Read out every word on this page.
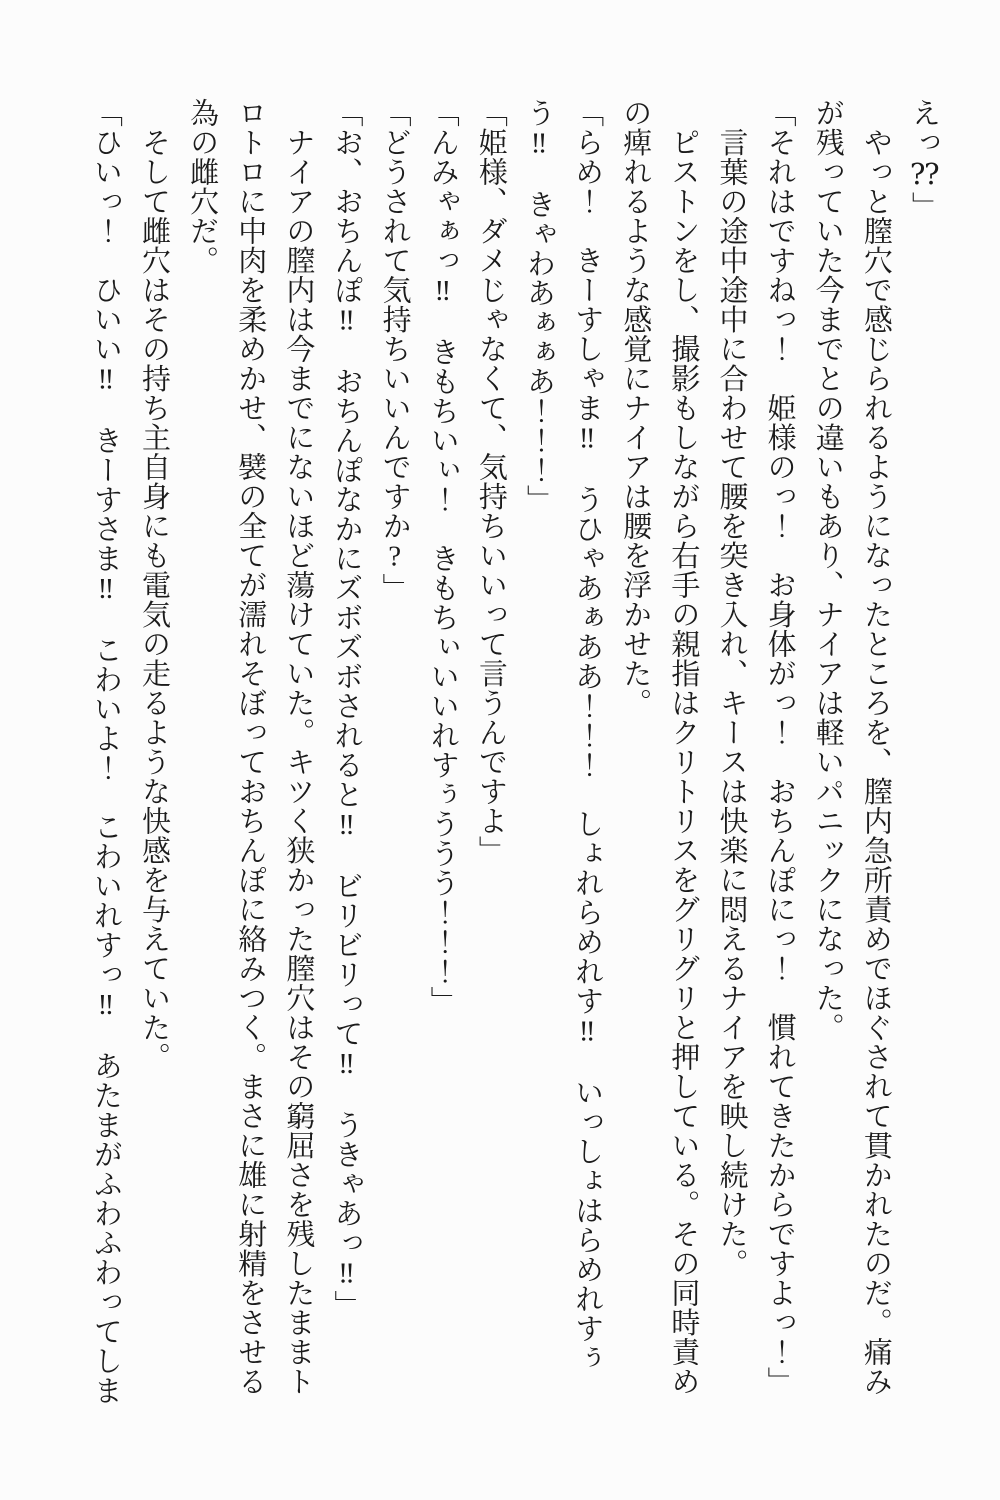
えっ⁇」
　やっと膣穴で感じられるようになったところを、膣内急所責めでほぐされて貫かれたのだ。痛み
が残っていた今までとの違いもあり、ナイアは軽いパニックになった。
「それはですねっ！　姫様のっ！　お身体がっ！　おちんぽにっ！　慣れてきたからですよっ！」
　言葉の途中途中に合わせて腰を突き入れ、キースは快楽に悶えるナイアを映し続けた。
　ピストンをし、撮影もしながら右手の親指はクリトリスをグリグリと押している。その同時責め
の痺れるような感覚にナイアは腰を浮かせた。
「らめ！　きーすしゃま‼　うひゃあぁああ！！！　しょれらめれす‼　いっしょはらめれすぅ
う‼　きゃわあぁぁあ！！！」
「姫様、ダメじゃなくて、気持ちいいって言うんですよ」
「んみゃぁっ‼　きもちいぃ！　きもちぃいいれすぅううう！！！」
「どうされて気持ちいいんですか?」
「お、おちんぽ‼　おちんぽなかにズボズボされると‼　ビリビリって‼　うきゃあっ‼」
　ナイアの膣内は今までにないほど蕩けていた。キツく狭かった膣穴はその窮屈さを残したままト
ロトロに中肉を柔めかせ、襞の全てが濡れそぼっておちんぽに絡みつく。まさに雄に射精をさせる
為の雌穴だ。
　そして雌穴はその持ち主自身にも電気の走るような快感を与えていた。
「ひいっ！　ひいい‼　きーすさま‼　こわいよ！　こわいれすっ‼　あたまがふわふわってしま
